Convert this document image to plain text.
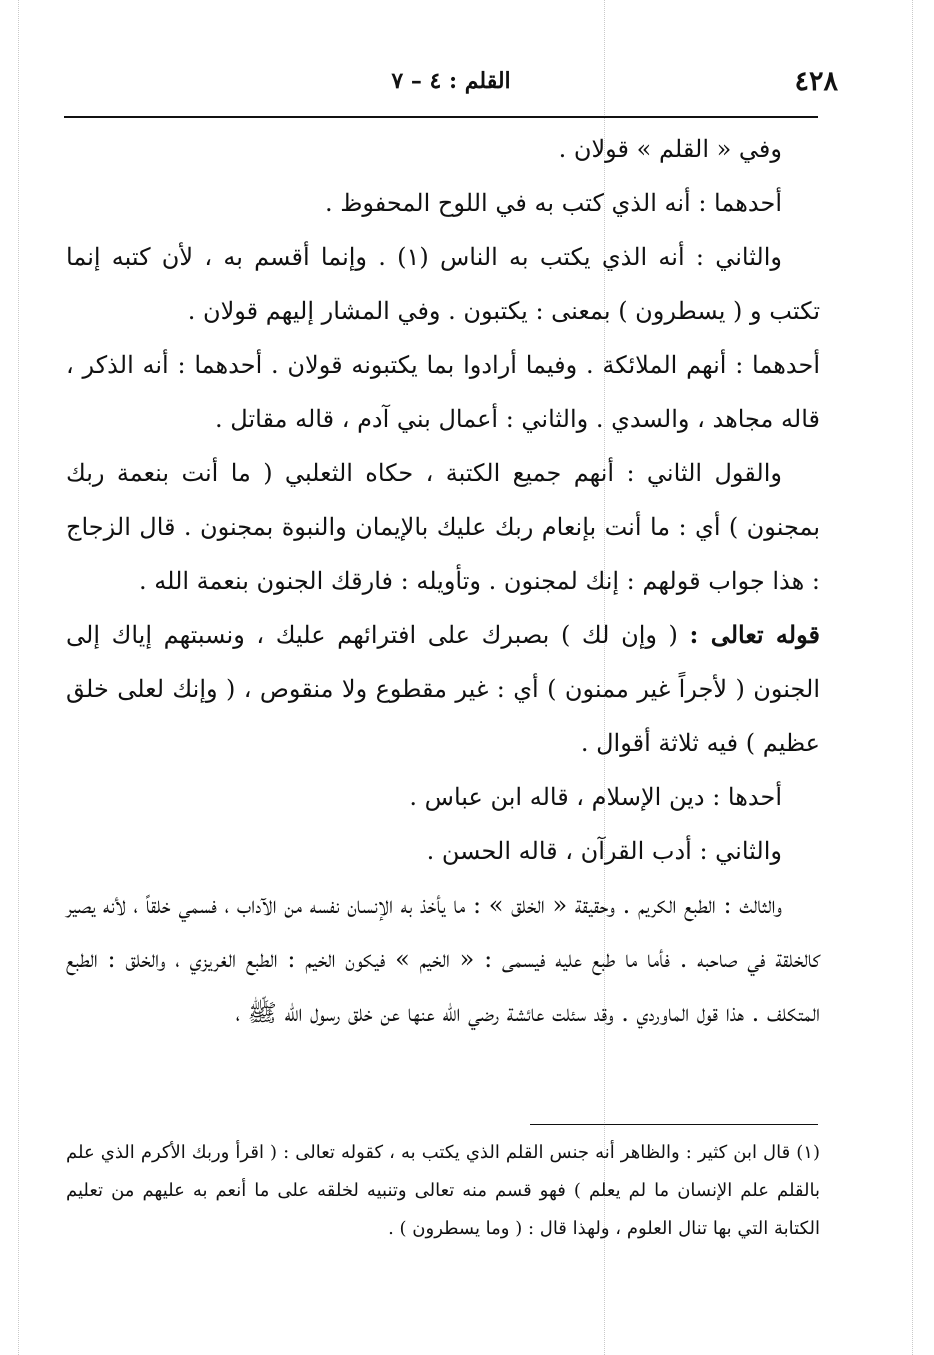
٤٢٨
القلم : ٤ – ٧

وفي « القلم » قولان .

أحدهما : أنه الذي كتب به في اللوح المحفوظ .

والثاني : أنه الذي يكتب به الناس (١) . وإنما أقسم به ، لأن كتبه إنما تكتب و ( يسطرون ) بمعنى : يكتبون . وفي المشار إليهم قولان .

أحدهما : أنهم الملائكة . وفيما أرادوا بما يكتبونه قولان . أحدهما : أنه الذكر ، قاله مجاهد ، والسدي . والثاني : أعمال بني آدم ، قاله مقاتل .

والقول الثاني : أنهم جميع الكتبة ، حكاه الثعلبي ( ما أنت بنعمة ربك بمجنون ) أي : ما أنت بإنعام ربك عليك بالإيمان والنبوة بمجنون . قال الزجاج : هذا جواب قولهم : إنك لمجنون . وتأويله : فارقك الجنون بنعمة الله .

قوله تعالى : ( وإن لك ) بصبرك على افترائهم عليك ، ونسبتهم إياك إلى الجنون ( لأجراً غير ممنون ) أي : غير مقطوع ولا منقوص ، ( وإنك لعلى خلق عظيم ) فيه ثلاثة أقوال .

أحدها : دين الإسلام ، قاله ابن عباس .

والثاني : أدب القرآن ، قاله الحسن .

والثالث : الطبع الكريم . وحقيقة « الخلق » : ما يأخذ به الإنسان نفسه من الآداب ، فسمي خلقاً ، لأنه يصير كالخلقة في صاحبه . فأما ما طبع عليه فيسمى : « الخيم » فيكون الخيم : الطبع الغريزي ، والخلق : الطبع المتكلف . هذا قول الماوردي . وقد سئلت عائشة رضي الله عنها عن خلق رسول الله ﷺ ،

(١) قال ابن كثير : والظاهر أنه جنس القلم الذي يكتب به ، كقوله تعالى : ( اقرأ وربك الأكرم الذي علم بالقلم علم الإنسان ما لم يعلم ) فهو قسم منه تعالى وتنبيه لخلقه على ما أنعم به عليهم من تعليم الكتابة التي بها تنال العلوم ، ولهذا قال : ( وما يسطرون ) .
